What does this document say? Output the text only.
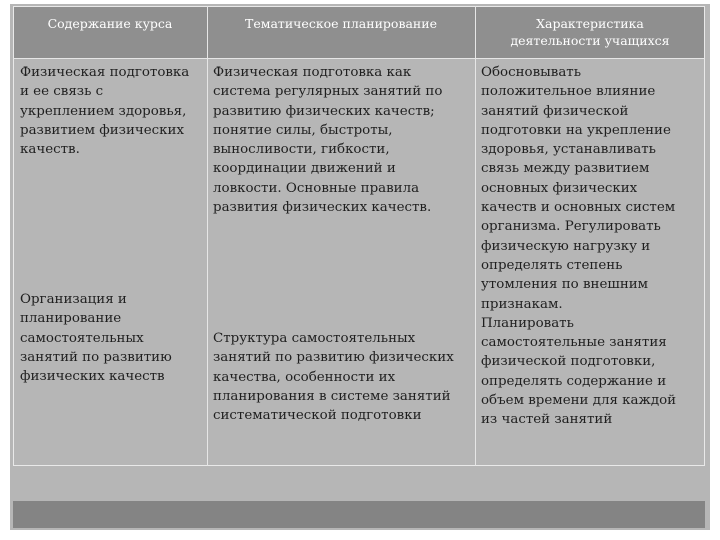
Содержание курса	Тематическое планирование	Характеристика
деятельности учащихся
Физическая подготовка
и ее связь с
укреплением здоровья,
развитием физических
качеств.
Организация и
планирование
самостоятельных
занятий по развитию
физических качеств
Физическая подготовка как
система регулярных занятий по
развитию физических качеств;
понятие силы, быстроты,
выносливости, гибкости,
координации движений и
ловкости. Основные правила
развития физических качеств.
Структура самостоятельных
занятий по развитию физических
качества, особенности их
планирования в системе занятий
систематической подготовки
Обосновывать
положительное влияние
занятий физической
подготовки на укрепление
здоровья, устанавливать
связь между развитием
основных физических
качеств и основных систем
организма. Регулировать
физическую нагрузку и
определять степень
утомления по внешним
признакам.
Планировать
самостоятельные занятия
физической подготовки,
определять содержание и
объем времени для каждой
из частей занятий
